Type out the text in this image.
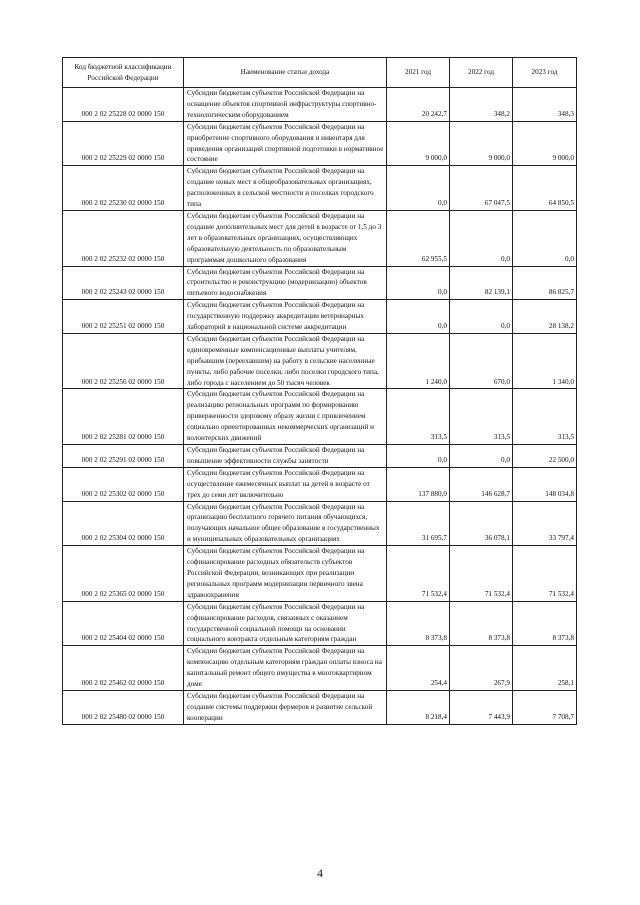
Код бюджетной классификации Российской Федерации	Наименование статьи дохода	2021 год	2022 год	2023 год
000 2 02 25228 02 0000 150	Субсидии бюджетам субъектов Российской Федерации на оснащение объектов спортивной инфраструктуры спортивно-технологическим оборудованием	20 242,7	348,2	348,3
000 2 02 25229 02 0000 150	Субсидии бюджетам субъектов Российской Федерации на приобретение спортивного оборудования и инвентаря для приведения организаций спортивной подготовки в нормативное состояние	9 000,0	9 000,0	9 000,0
000 2 02 25230 02 0000 150	Субсидии бюджетам субъектов Российской Федерации на создание новых мест в общеобразовательных организациях, расположенных в сельской местности и поселках городского типа	0,0	67 047,5	64 850,5
000 2 02 25232 02 0000 150	Субсидии бюджетам субъектов Российской Федерации на создание дополнительных мест для детей в возрасте от 1,5 до 3 лет в образовательных организациях, осуществляющих образовательную деятельность по образовательным программам дошкольного образования	62 955,5	0,0	0,0
000 2 02 25243 02 0000 150	Субсидии бюджетам субъектов Российской Федерации на строительство и реконструкцию (модернизацию) объектов питьевого водоснабжения	0,0	82 139,1	86 825,7
000 2 02 25251 02 0000 150	Субсидии бюджетам субъектов Российской Федерации на государственную поддержку аккредитации ветеринарных лабораторий в национальной системе аккредитации	0,0	0,0	28 138,2
000 2 02 25256 02 0000 150	Субсидии бюджетам субъектов Российской Федерации на единовременные компенсационные выплаты учителям, прибывшим (переехавшим) на работу в сельские населенные пункты, либо рабочие поселки, либо поселки городского типа, либо города с населением до 50 тысяч человек	1 240,0	670,0	1 340,0
000 2 02 25281 02 0000 150	Субсидии бюджетам субъектов Российской Федерации на реализацию региональных программ по формированию приверженности здоровому образу жизни с привлечением социально ориентированных некоммерческих организаций и волонтерских движений	313,5	313,5	313,5
000 2 02 25291 02 0000 150	Субсидии бюджетам субъектов Российской Федерации на повышение эффективности службы занятости	0,0	0,0	22 500,0
000 2 02 25302 02 0000 150	Субсидии бюджетам субъектов Российской Федерации на осуществление ежемесячных выплат на детей в возрасте от трех до семи лет включительно	137 880,9	146 628,7	148 034,8
000 2 02 25304 02 0000 150	Субсидии бюджетам субъектов Российской Федерации на организацию бесплатного горячего питания обучающихся, получающих начальное общее образование в государственных и муниципальных образовательных организациях	31 695,7	36 078,1	33 797,4
000 2 02 25365 02 0000 150	Субсидии бюджетам субъектов Российской Федерации на софинансирование расходных обязательств субъектов Российской Федерации, возникающих при реализации региональных программ модернизации первичного звена здравоохранения	71 532,4	71 532,4	71 532,4
000 2 02 25404 02 0000 150	Субсидии бюджетам субъектов Российской Федерации на софинансирование расходов, связанных с оказанием государственной социальной помощи на основании социального контракта отдельным категориям граждан	8 373,8	8 373,8	8 373,8
000 2 02 25462 02 0000 150	Субсидии бюджетам субъектов Российской Федерации на компенсацию отдельным категориям граждан оплаты взноса на капитальный ремонт общего имущества в многоквартирном доме	254,4	267,9	258,1
000 2 02 25480 02 0000 150	Субсидии бюджетам субъектов Российской Федерации на создание системы поддержки фермеров и развитие сельской кооперации	8 218,4	7 443,9	7 708,7
4
